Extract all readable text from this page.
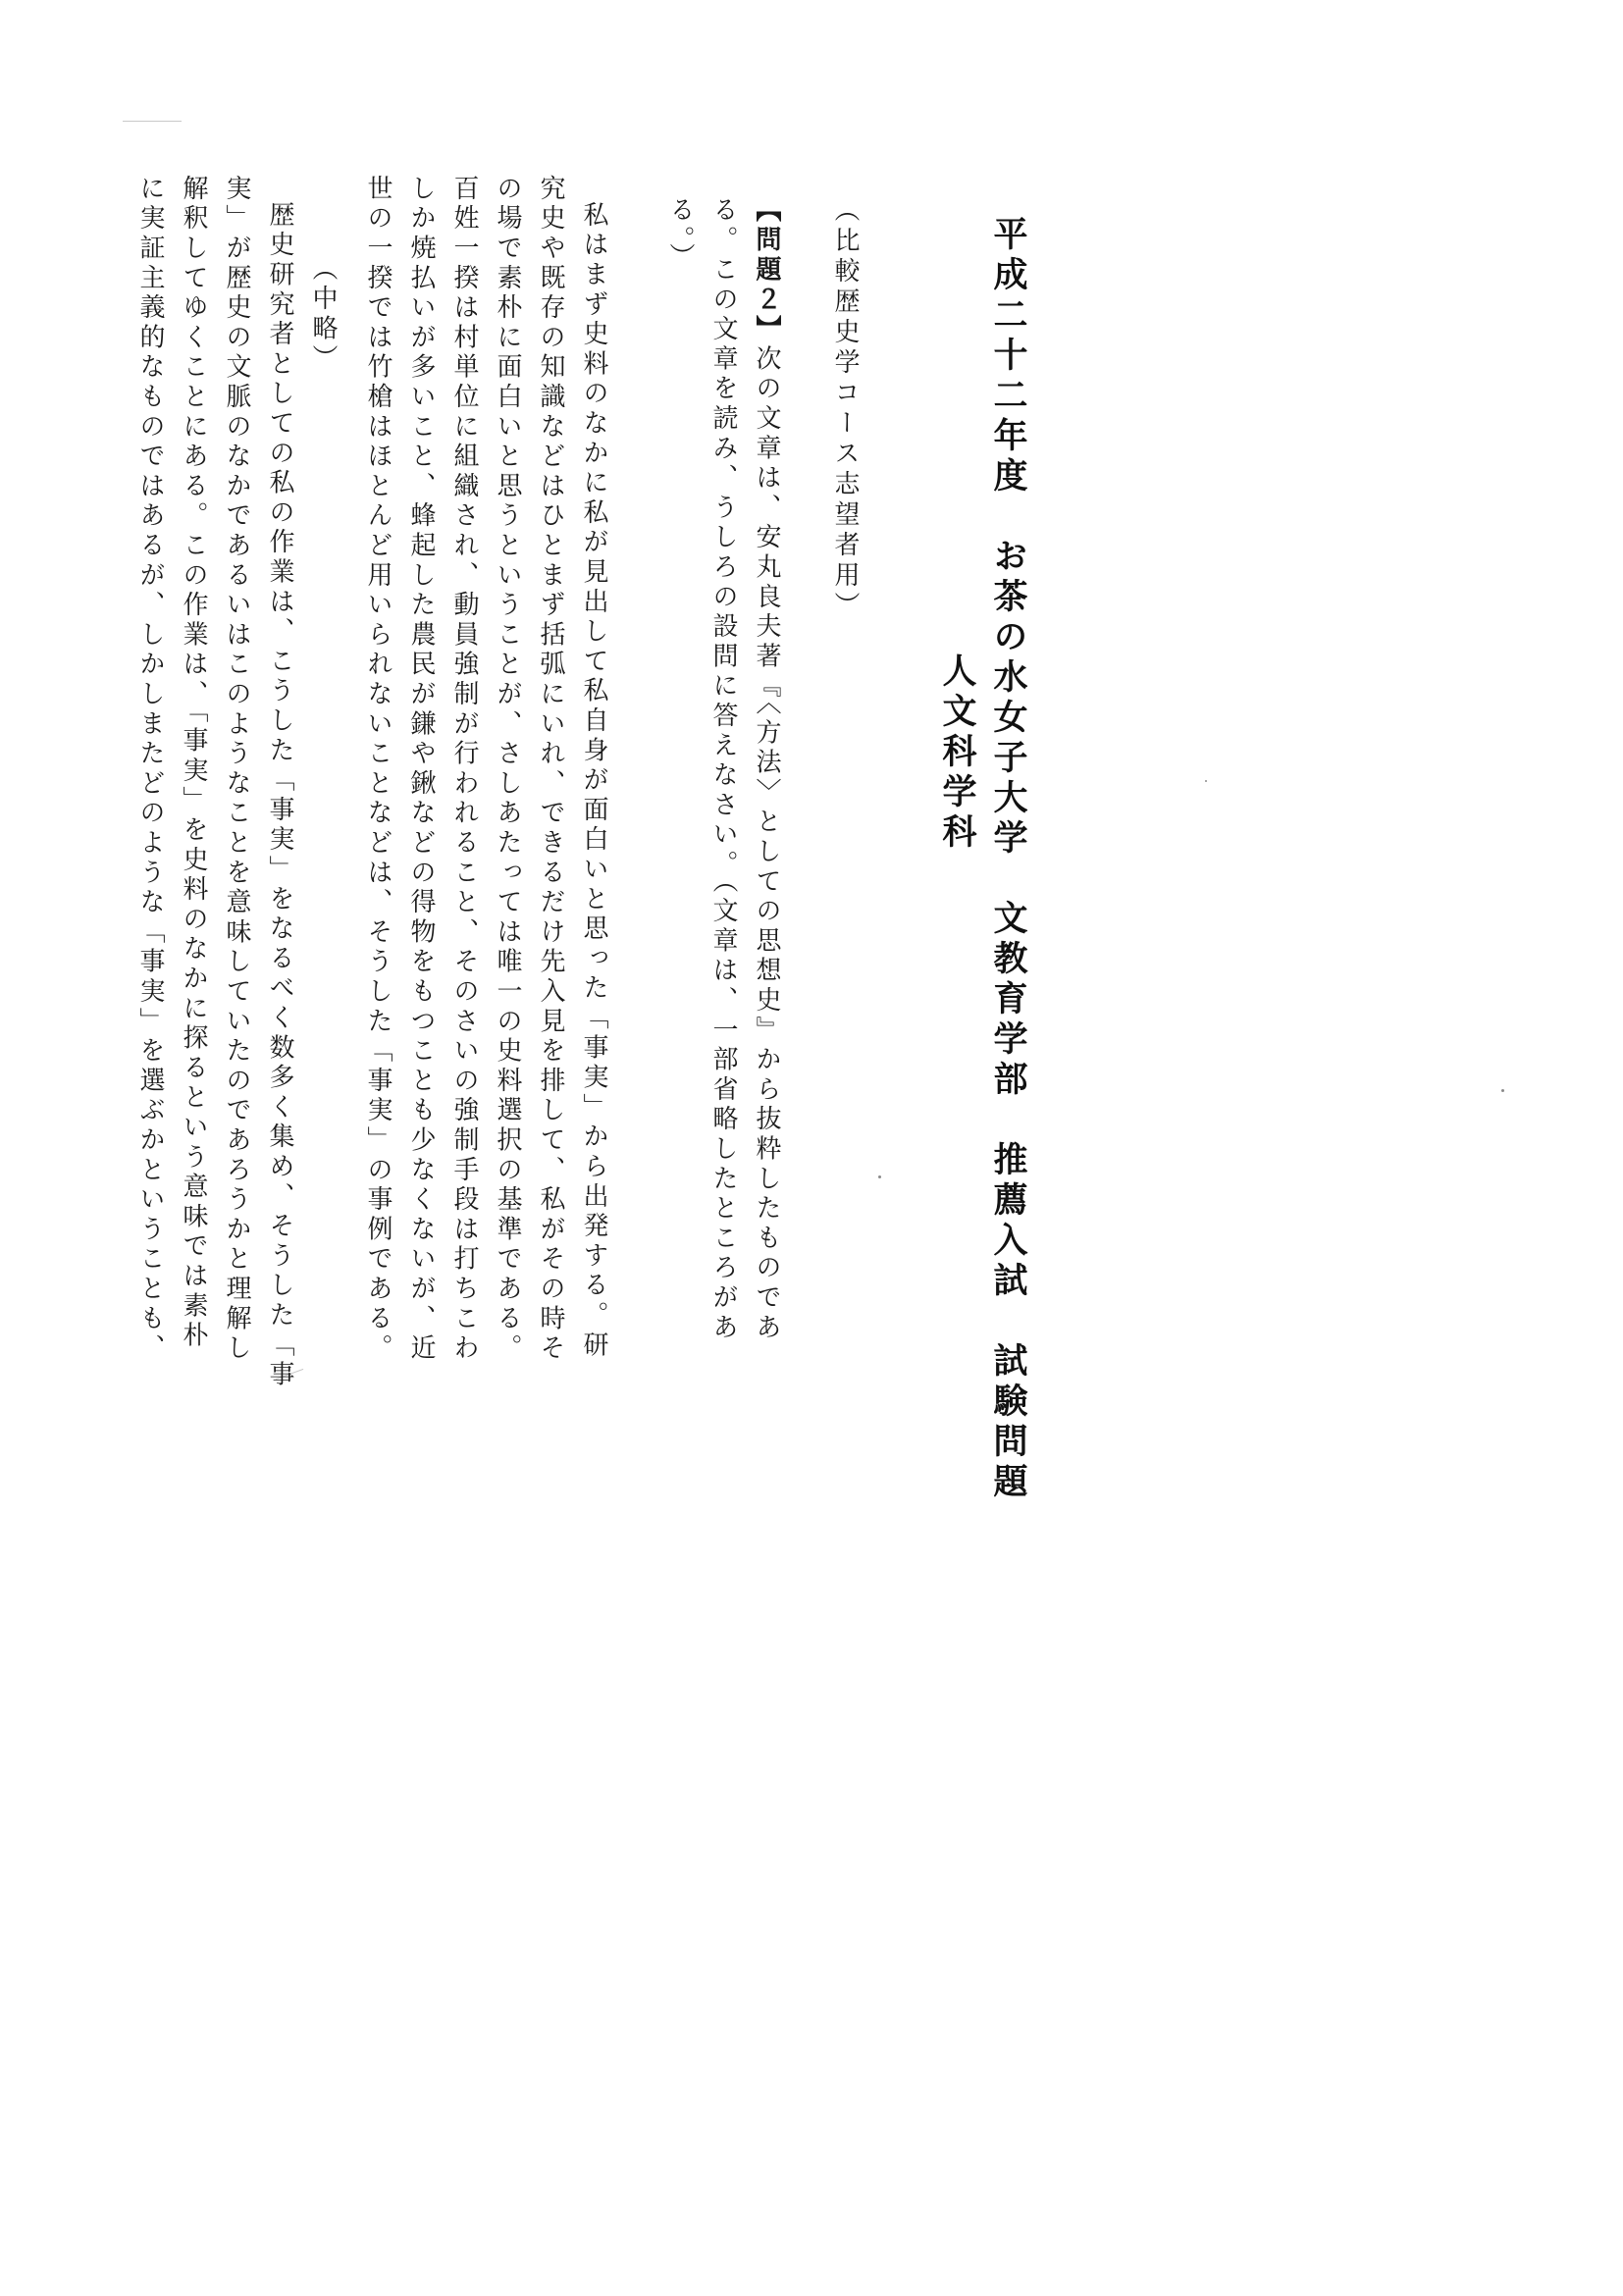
平成二十二年度　お茶の水女子大学　文教育学部　推薦入試　試験問題

人文科学科

（比較歴史学コース志望者用）

【問題２】次の文章は、安丸良夫著『〈方法〉としての思想史』から抜粋したものであ

る。この文章を読み、うしろの設問に答えなさい。（文章は、一部省略したところがあ

る。）

私はまず史料のなかに私が見出して私自身が面白いと思った「事実」から出発する。研

究史や既存の知識などはひとまず括弧にいれ、できるだけ先入見を排して、私がその時そ

の場で素朴に面白いと思うということが、さしあたっては唯一の史料選択の基準である。

百姓一揆は村単位に組織され、動員強制が行われること、そのさいの強制手段は打ちこわ

しか焼払いが多いこと、蜂起した農民が鎌や鍬などの得物をもつことも少なくないが、近

世の一揆では竹槍はほとんど用いられないことなどは、そうした「事実」の事例である。

（中略）

歴史研究者としての私の作業は、こうした「事実」をなるべく数多く集め、そうした「事

実」が歴史の文脈のなかであるいはこのようなことを意味していたのであろうかと理解し

解釈してゆくことにある。この作業は、「事実」を史料のなかに探るという意味では素朴

に実証主義的なものではあるが、しかしまたどのような「事実」を選ぶかということも、
